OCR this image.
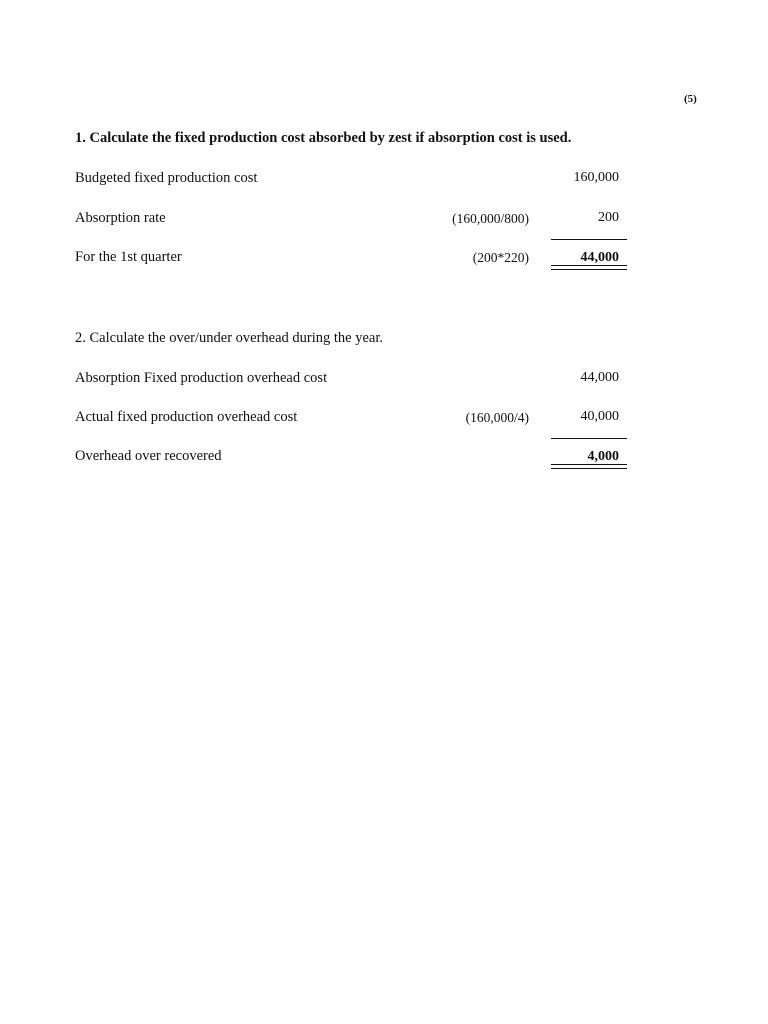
(5)
1. Calculate the fixed production cost absorbed by zest if absorption cost is used.
Budgeted fixed production cost	160,000
Absorption rate	(160,000/800)	200
For the 1st quarter	(200*220)	44,000
2. Calculate the over/under overhead during the year.
Absorption Fixed production overhead cost	44,000
Actual fixed production overhead cost	(160,000/4)	40,000
Overhead over recovered	4,000
